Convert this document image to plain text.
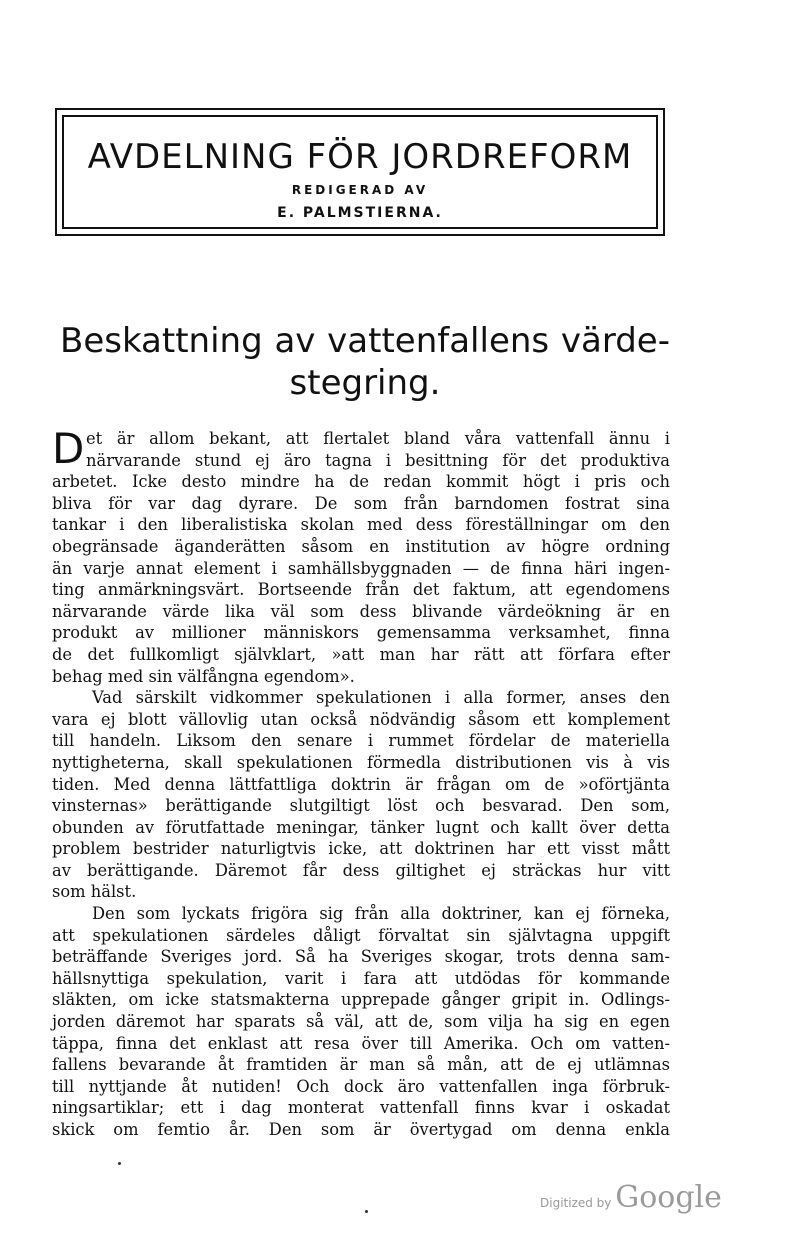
AVDELNING FÖR JORDREFORM
REDIGERAD AV
E. PALMSTIERNA.
Beskattning av vattenfallens värde-
stegring.
D et är allom bekant, att flertalet bland våra vattenfall ännu i
närvarande stund ej äro tagna i besittning för det produktiva
arbetet. Icke desto mindre ha de redan kommit högt i pris och
bliva för var dag dyrare. De som från barndomen fostrat sina
tankar i den liberalistiska skolan med dess föreställningar om den
obegränsade äganderätten såsom en institution av högre ordning
än varje annat element i samhällsbyggnaden — de finna häri ingen-
ting anmärkningsvärt. Bortseende från det faktum, att egendomens
närvarande värde lika väl som dess blivande värdeökning är en
produkt av millioner människors gemensamma verksamhet, finna
de det fullkomligt självklart, »att man har rätt att förfara efter
behag med sin välfångna egendom».
Vad särskilt vidkommer spekulationen i alla former, anses den
vara ej blott vällovlig utan också nödvändig såsom ett komplement
till handeln. Liksom den senare i rummet fördelar de materiella
nyttigheterna, skall spekulationen förmedla distributionen vis à vis
tiden. Med denna lättfattliga doktrin är frågan om de »oförtjänta
vinsternas» berättigande slutgiltigt löst och besvarad. Den som,
obunden av förutfattade meningar, tänker lugnt och kallt över detta
problem bestrider naturligtvis icke, att doktrinen har ett visst mått
av berättigande. Däremot får dess giltighet ej sträckas hur vitt
som hälst.
Den som lyckats frigöra sig från alla doktriner, kan ej förneka,
att spekulationen särdeles dåligt förvaltat sin självtagna uppgift
beträffande Sveriges jord. Så ha Sveriges skogar, trots denna sam-
hällsnyttiga spekulation, varit i fara att utdödas för kommande
släkten, om icke statsmakterna upprepade gånger gripit in. Odlings-
jorden däremot har sparats så väl, att de, som vilja ha sig en egen
täppa, finna det enklast att resa över till Amerika. Och om vatten-
fallens bevarande åt framtiden är man så mån, att de ej utlämnas
till nyttjande åt nutiden! Och dock äro vattenfallen inga förbruk-
ningsartiklar; ett i dag monterat vattenfall finns kvar i oskadat
skick om femtio år. Den som är övertygad om denna enkla
Digitized by Google
